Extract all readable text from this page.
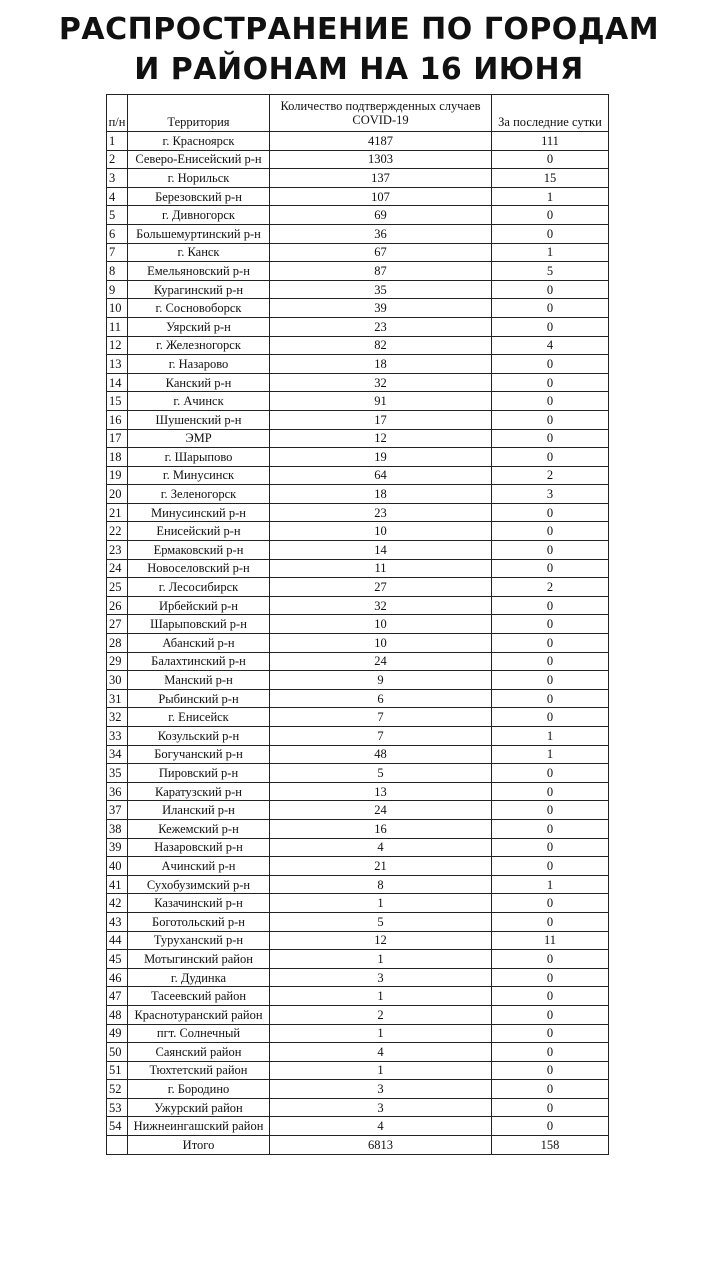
РАСПРОСТРАНЕНИЕ ПО ГОРОДАМ
И РАЙОНАМ НА 16 ИЮНЯ
п/н	Территория	Количество подтвержденных случаев COVID-19	За последние сутки
1	г. Красноярск	4187	111
2	Северо-Енисейский р-н	1303	0
3	г. Норильск	137	15
4	Березовский р-н	107	1
5	г. Дивногорск	69	0
6	Большемуртинский р-н	36	0
7	г. Канск	67	1
8	Емельяновский р-н	87	5
9	Курагинский р-н	35	0
10	г. Сосновоборск	39	0
11	Уярский р-н	23	0
12	г. Железногорск	82	4
13	г. Назарово	18	0
14	Канский р-н	32	0
15	г. Ачинск	91	0
16	Шушенский р-н	17	0
17	ЭМР	12	0
18	г. Шарыпово	19	0
19	г. Минусинск	64	2
20	г. Зеленогорск	18	3
21	Минусинский р-н	23	0
22	Енисейский р-н	10	0
23	Ермаковский р-н	14	0
24	Новоселовский р-н	11	0
25	г. Лесосибирск	27	2
26	Ирбейский р-н	32	0
27	Шарыповский р-н	10	0
28	Абанский р-н	10	0
29	Балахтинский р-н	24	0
30	Манский р-н	9	0
31	Рыбинский р-н	6	0
32	г. Енисейск	7	0
33	Козульский р-н	7	1
34	Богучанский р-н	48	1
35	Пировский р-н	5	0
36	Каратузский р-н	13	0
37	Иланский р-н	24	0
38	Кежемский р-н	16	0
39	Назаровский р-н	4	0
40	Ачинский р-н	21	0
41	Сухобузимский р-н	8	1
42	Казачинский р-н	1	0
43	Боготольский р-н	5	0
44	Туруханский р-н	12	11
45	Мотыгинский район	1	0
46	г. Дудинка	3	0
47	Тасеевский район	1	0
48	Краснотуранский район	2	0
49	пгт. Солнечный	1	0
50	Саянский район	4	0
51	Тюхтетский район	1	0
52	г. Бородино	3	0
53	Ужурский район	3	0
54	Нижнеингашский район	4	0
	Итого	6813	158
